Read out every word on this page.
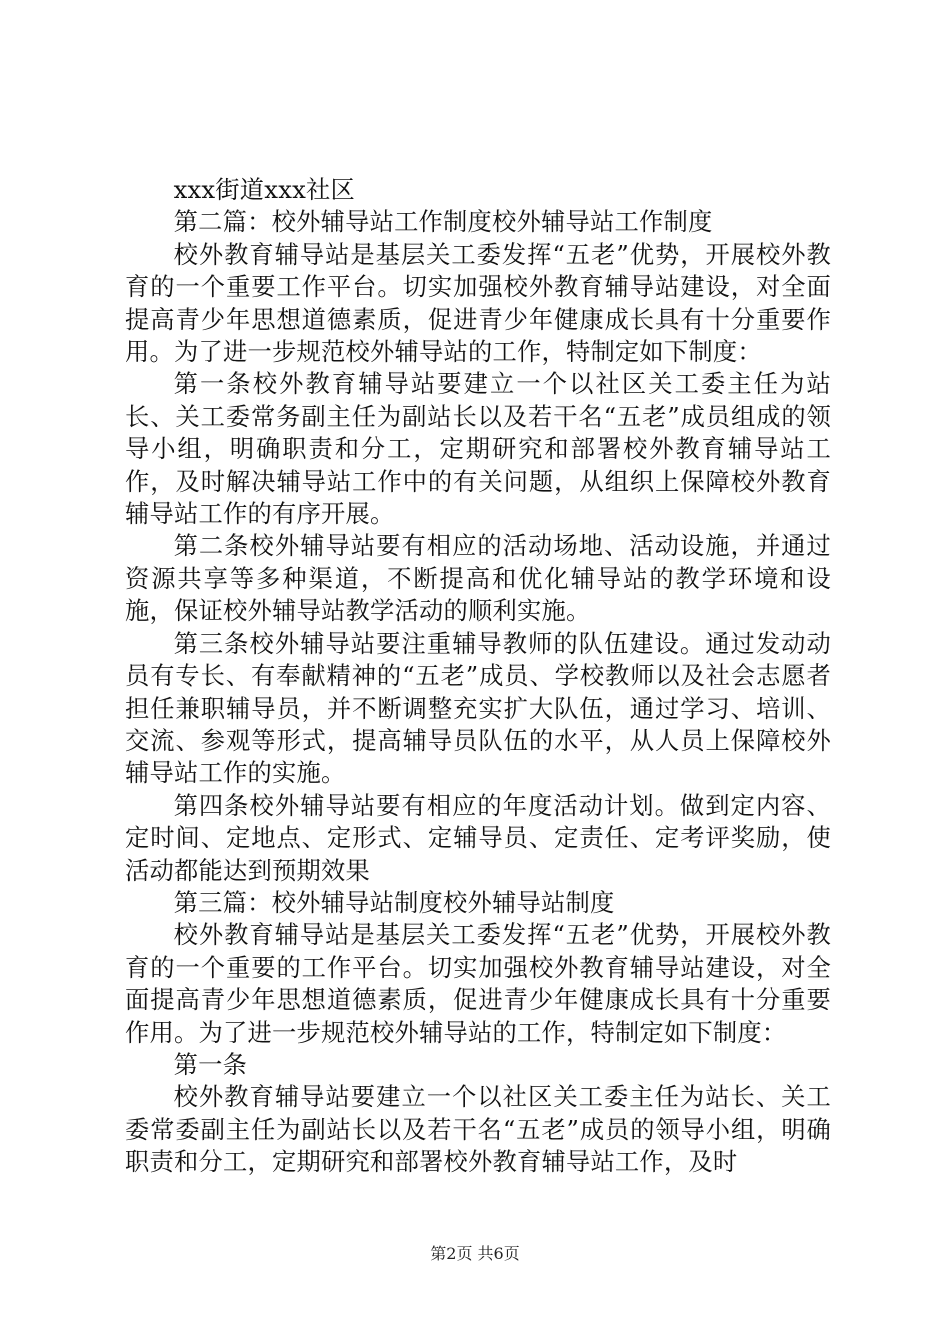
xxx街道xxx社区

第二篇：校外辅导站工作制度校外辅导站工作制度

校外教育辅导站是基层关工委发挥“五老”优势，开展校外教育的一个重要工作平台。切实加强校外教育辅导站建设，对全面提高青少年思想道德素质，促进青少年健康成长具有十分重要作用。为了进一步规范校外辅导站的工作，特制定如下制度：

第一条校外教育辅导站要建立一个以社区关工委主任为站长、关工委常务副主任为副站长以及若干名“五老”成员组成的领导小组，明确职责和分工，定期研究和部署校外教育辅导站工作，及时解决辅导站工作中的有关问题，从组织上保障校外教育辅导站工作的有序开展。

第二条校外辅导站要有相应的活动场地、活动设施，并通过资源共享等多种渠道，不断提高和优化辅导站的教学环境和设施，保证校外辅导站教学活动的顺利实施。

第三条校外辅导站要注重辅导教师的队伍建设。通过发动动员有专长、有奉献精神的“五老”成员、学校教师以及社会志愿者担任兼职辅导员，并不断调整充实扩大队伍，通过学习、培训、交流、参观等形式，提高辅导员队伍的水平，从人员上保障校外辅导站工作的实施。

第四条校外辅导站要有相应的年度活动计划。做到定内容、定时间、定地点、定形式、定辅导员、定责任、定考评奖励，使活动都能达到预期效果

第三篇：校外辅导站制度校外辅导站制度

校外教育辅导站是基层关工委发挥“五老”优势，开展校外教育的一个重要的工作平台。切实加强校外教育辅导站建设，对全面提高青少年思想道德素质，促进青少年健康成长具有十分重要作用。为了进一步规范校外辅导站的工作，特制定如下制度：

第一条

校外教育辅导站要建立一个以社区关工委主任为站长、关工委常委副主任为副站长以及若干名“五老”成员的领导小组，明确职责和分工，定期研究和部署校外教育辅导站工作，及时

第2页 共6页
